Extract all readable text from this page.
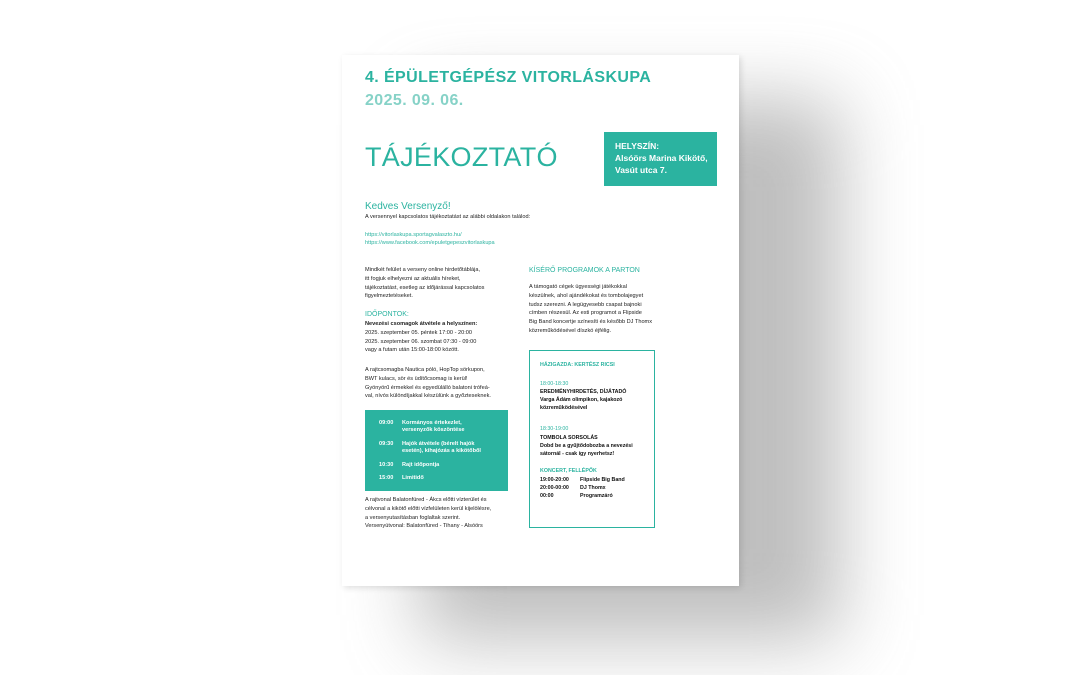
4. ÉPÜLETGÉPÉSZ VITORLÁSKUPA
2025. 09. 06.
TÁJÉKOZTATÓ	HELYSZÍN:
Alsóörs Marina Kikötő,
Vasút utca 7.
Kedves Versenyző!
A versennyel kapcsolatos tájékoztatást az alábbi oldalakon találod:
https://vitorlaskupa.sportagvalaszto.hu/
https://www.facebook.com/epuletgepeszvitorlaskupa
Mindkét felület a verseny online hirdetőtáblája,
itt fogjuk elhelyezni az aktuális híreket,
tájékoztatást, esetleg az időjárással kapcsolatos
figyelmeztetéseket.
IDŐPONTOK:
Nevezési csomagok átvétele a helyszínen:
2025. szeptember 05. péntek 17:00 - 20:00
2025. szeptember 06. szombat 07:30 - 09:00
vagy a futam után 15:00-18:00 között.
A rajtcsomagba Nautica póló, HopTop sörkupon,
BWT kulacs, sör és üdítőcsomag is kerül!
Gyönyörű érmekkel és egyedülálló balatoni trófeá-
val, nívós különdíjakkal készülünk a győzteseknek.
09:00	Kormányos értekezlet,
versenyzők köszöntése
09:30	Hajók átvétele (bérelt hajók
esetén), kihajózás a kikötőből
10:30	Rajt időpontja
15:00	Limitidő
A rajtvonal Balatonfüred - Ákcs előtti vízterület és
célvonal a kikötő előtti vízfelületen kerül kijelölésre,
a versenyutasításban foglaltak szerint.
Versenyútvonal: Balatonfüred - Tihany - Alsóörs
KÍSÉRŐ PROGRAMOK A PARTON
A támogató cégek ügyességi játékokkal
készülnek, ahol ajándékokat és tombolajegyet
tudsz szerezni. A legügyesebb csapat bajnoki
címben részesül. Az esti programot a Flipside
Big Band koncertje színesíti és később DJ Thomx
közreműködésével díszkó éjfélig.
HÁZIGAZDA: KERTÉSZ RICSI
18:00-18:30
EREDMÉNYHIRDETÉS, DÍJÁTADÓ
Varga Ádám olimpikon, kajakozó
közreműködésével
18:30-19:00
TOMBOLA SORSOLÁS
Dobd be a gyűjtődobozba a nevezési
sátornál - csak így nyerhetsz!
KONCERT, FELLÉPŐK
19:00-20:00 Flipside Big Band
20:00-00:00 DJ Thomx
00:00	Programzáró
